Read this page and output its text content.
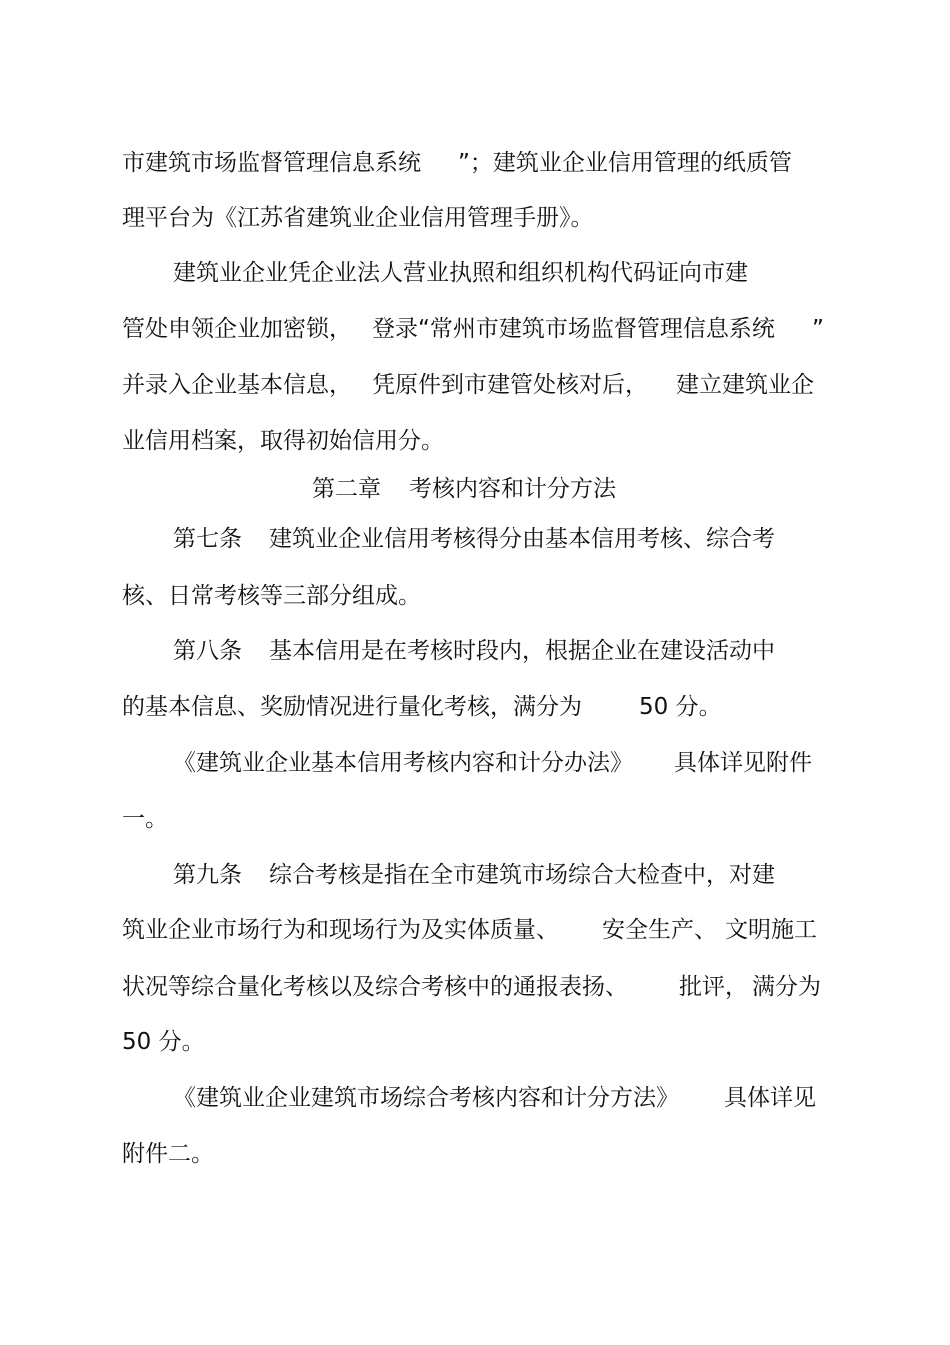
市建筑市场监督管理信息系统 ”；建筑业企业信用管理的纸质管
理平台为《江苏省建筑业企业信用管理手册》。
建筑业企业凭企业法人营业执照和组织机构代码证向市建
管处申领企业加密锁， 登录“常州市建筑市场监督管理信息系统 ”
并录入企业基本信息， 凭原件到市建管处核对后， 建立建筑业企
业信用档案，取得初始信用分。
第二章 考核内容和计分方法
第七条 建筑业企业信用考核得分由基本信用考核、综合考
核、日常考核等三部分组成。
第八条 基本信用是在考核时段内，根据企业在建设活动中
的基本信息、奖励情况进行量化考核，满分为 50 分。
《建筑业企业基本信用考核内容和计分办法》 具体详见附件
一。
第九条 综合考核是指在全市建筑市场综合大检查中，对建
筑业企业市场行为和现场行为及实体质量、 安全生产、 文明施工
状况等综合量化考核以及综合考核中的通报表扬、 批评， 满分为
50 分。
《建筑业企业建筑市场综合考核内容和计分方法》 具体详见
附件二。
